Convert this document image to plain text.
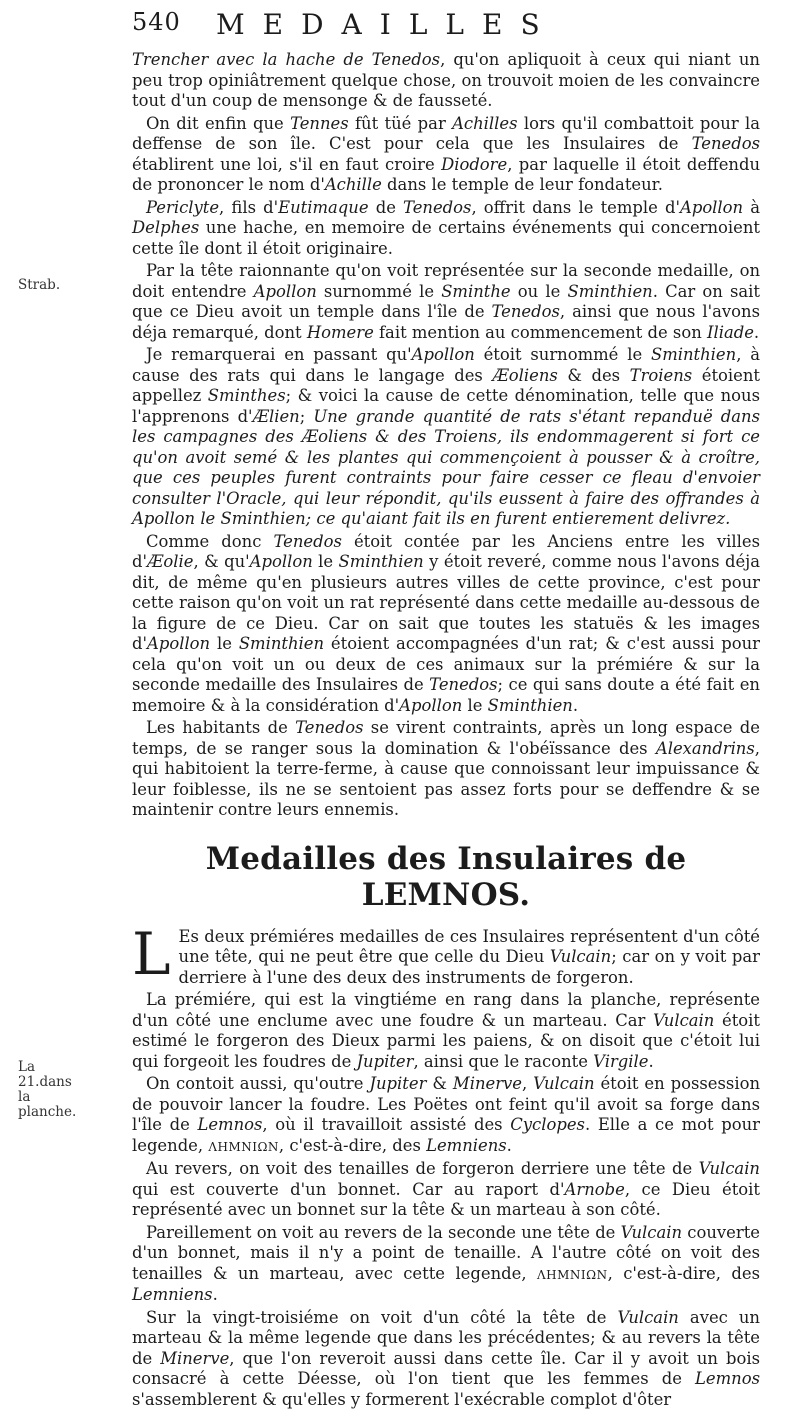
540 MEDAILLES
Strab.
La 21.dans la planche.

Trencher avec la hache de Tenedos, qu'on apliquoit à ceux qui niant un peu trop opiniâtrement quelque chose, on trouvoit moien de les convaincre tout d'un coup de mensonge & de fausseté.

On dit enfin que Tennes fût tüé par Achilles lors qu'il combattoit pour la deffense de son île. C'est pour cela que les Insulaires de Tenedos établirent une loi, s'il en faut croire Diodore, par laquelle il étoit deffendu de prononcer le nom d'Achille dans le temple de leur fondateur.

Periclyte, fils d'Eutimaque de Tenedos, offrit dans le temple d'Apollon à Delphes une hache, en memoire de certains événements qui concernoient cette île dont il étoit originaire.

Par la tête raionnante qu'on voit représentée sur la seconde medaille, on doit entendre Apollon surnommé le Sminthe ou le Sminthien. Car on sait que ce Dieu avoit un temple dans l'île de Tenedos, ainsi que nous l'avons déja remarqué, dont Homere fait mention au commencement de son Iliade.

Je remarquerai en passant qu'Apollon étoit surnommé le Sminthien, à cause des rats qui dans le langage des Æoliens & des Troiens étoient appellez Sminthes; & voici la cause de cette dénomination, telle que nous l'apprenons d'Ælien; Une grande quantité de rats s'étant repanduë dans les campagnes des Æoliens & des Troiens, ils endommagerent si fort ce qu'on avoit semé & les plantes qui commençoient à pousser & à croître, que ces peuples furent contraints pour faire cesser ce fleau d'envoier consulter l'Oracle, qui leur répondit, qu'ils eussent à faire des offrandes à Apollon le Sminthien; ce qu'aiant fait ils en furent entierement delivrez.

Comme donc Tenedos étoit contée par les Anciens entre les villes d'Æolie, & qu'Apollon le Sminthien y étoit reveré, comme nous l'avons déja dit, de même qu'en plusieurs autres villes de cette province, c'est pour cette raison qu'on voit un rat représenté dans cette medaille au-dessous de la figure de ce Dieu. Car on sait que toutes les statuës & les images d'Apollon le Sminthien étoient accompagnées d'un rat; & c'est aussi pour cela qu'on voit un ou deux de ces animaux sur la prémiére & sur la seconde medaille des Insulaires de Tenedos; ce qui sans doute a été fait en memoire & à la considération d'Apollon le Sminthien.

Les habitants de Tenedos se virent contraints, après un long espace de temps, de se ranger sous la domination & l'obéïssance des Alexandrins, qui habitoient la terre-ferme, à cause que connoissant leur impuissance & leur foiblesse, ils ne se sentoient pas assez forts pour se deffendre & se maintenir contre leurs ennemis.

Medailles des Insulaires de LEMNOS.

L Es deux prémiéres medailles de ces Insulaires représentent d'un côté une tête, qui ne peut être que celle du Dieu Vulcain; car on y voit par derriere à l'une des deux des instruments de forgeron.

La prémiére, qui est la vingtiéme en rang dans la planche, représente d'un côté une enclume avec une foudre & un marteau. Car Vulcain étoit estimé le forgeron des Dieux parmi les paiens, & on disoit que c'étoit lui qui forgeoit les foudres de Jupiter, ainsi que le raconte Virgile.

On contoit aussi, qu'outre Jupiter & Minerve, Vulcain étoit en possession de pouvoir lancer la foudre. Les Poëtes ont feint qu'il avoit sa forge dans l'île de Lemnos, où il travailloit assisté des Cyclopes. Elle a ce mot pour legende, ΛΗΜΝΙΩΝ, c'est-à-dire, des Lemniens.

Au revers, on voit des tenailles de forgeron derriere une tête de Vulcain qui est couverte d'un bonnet. Car au raport d'Arnobe, ce Dieu étoit représenté avec un bonnet sur la tête & un marteau à son côté.

Pareillement on voit au revers de la seconde une tête de Vulcain couverte d'un bonnet, mais il n'y a point de tenaille. A l'autre côté on voit des tenailles & un marteau, avec cette legende, ΛΗΜΝΙΩΝ, c'est-à-dire, des Lemniens.

Sur la vingt-troisiéme on voit d'un côté la tête de Vulcain avec un marteau & la même legende que dans les précédentes; & au revers la tête de Minerve, que l'on reveroit aussi dans cette île. Car il y avoit un bois consacré à cette Déesse, où l'on tient que les femmes de Lemnos s'assemblerent & qu'elles y formerent l'exécrable complot d'ôter
